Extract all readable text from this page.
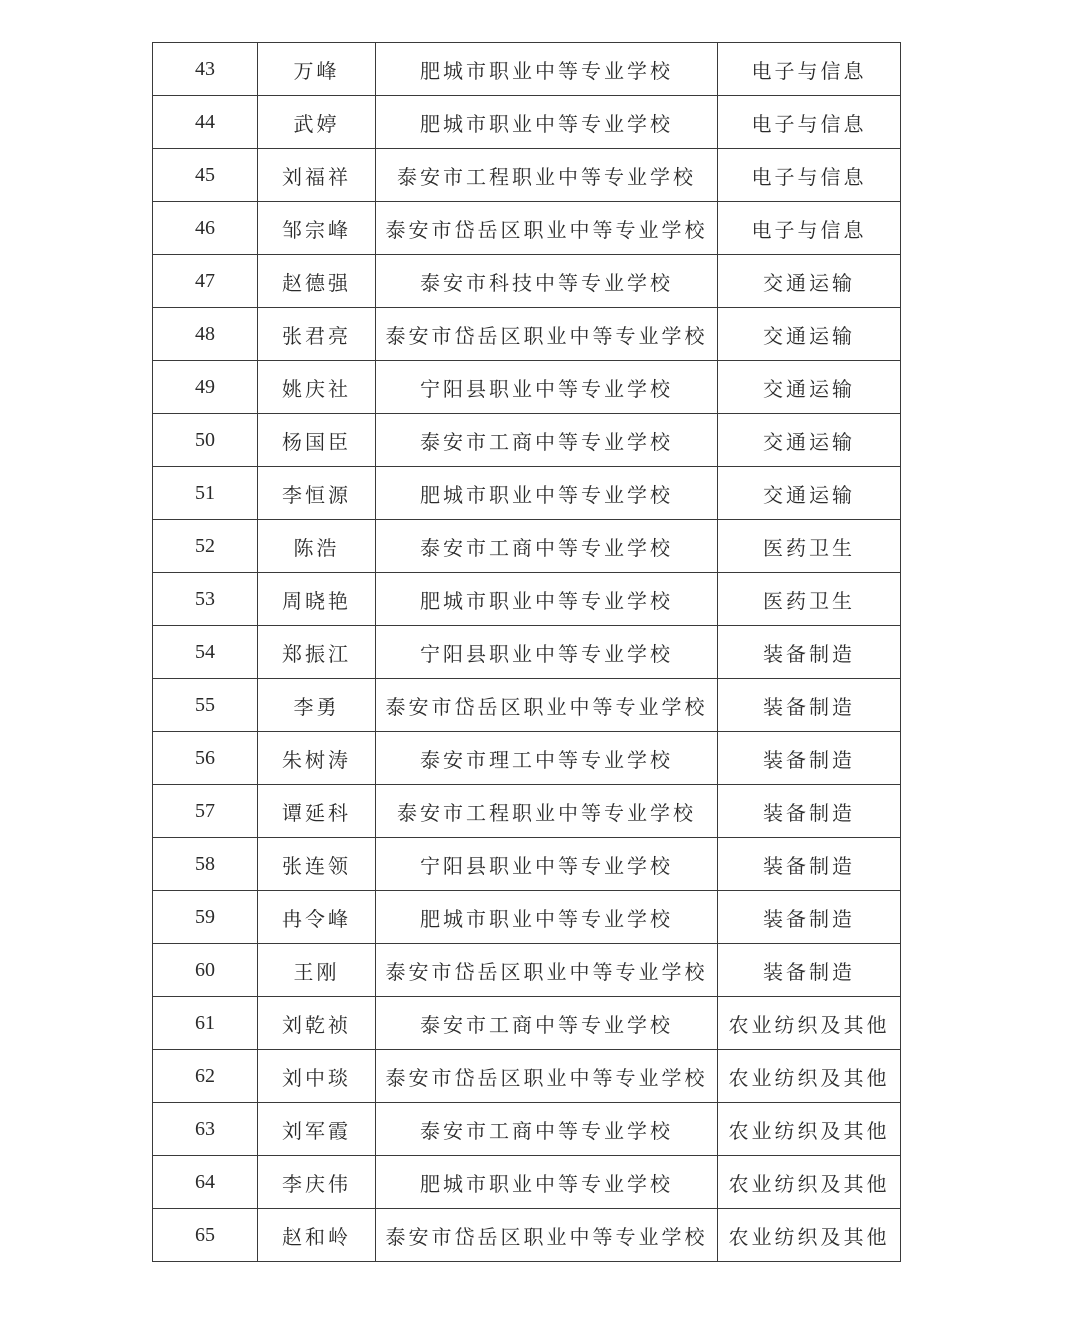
43	万峰	肥城市职业中等专业学校	电子与信息
44	武婷	肥城市职业中等专业学校	电子与信息
45	刘福祥	泰安市工程职业中等专业学校	电子与信息
46	邹宗峰	泰安市岱岳区职业中等专业学校	电子与信息
47	赵德强	泰安市科技中等专业学校	交通运输
48	张君亮	泰安市岱岳区职业中等专业学校	交通运输
49	姚庆社	宁阳县职业中等专业学校	交通运输
50	杨国臣	泰安市工商中等专业学校	交通运输
51	李恒源	肥城市职业中等专业学校	交通运输
52	陈浩	泰安市工商中等专业学校	医药卫生
53	周晓艳	肥城市职业中等专业学校	医药卫生
54	郑振江	宁阳县职业中等专业学校	装备制造
55	李勇	泰安市岱岳区职业中等专业学校	装备制造
56	朱树涛	泰安市理工中等专业学校	装备制造
57	谭延科	泰安市工程职业中等专业学校	装备制造
58	张连领	宁阳县职业中等专业学校	装备制造
59	冉令峰	肥城市职业中等专业学校	装备制造
60	王刚	泰安市岱岳区职业中等专业学校	装备制造
61	刘乾祯	泰安市工商中等专业学校	农业纺织及其他
62	刘中琰	泰安市岱岳区职业中等专业学校	农业纺织及其他
63	刘军霞	泰安市工商中等专业学校	农业纺织及其他
64	李庆伟	肥城市职业中等专业学校	农业纺织及其他
65	赵和岭	泰安市岱岳区职业中等专业学校	农业纺织及其他
